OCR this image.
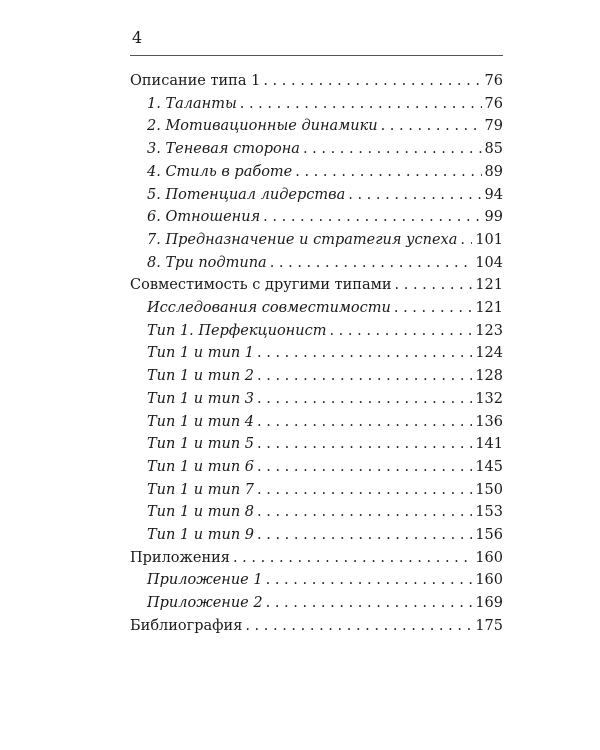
4
Описание типа 1 . . .	76
1. Таланты . . .	76
2. Мотивационные динамики . . .	79
3. Теневая сторона . . .	85
4. Стиль в работе . . .	89
5. Потенциал лидерства . . .	94
6. Отношения . . .	99
7. Предназначение и стратегия успеха . . . 101
8. Три подтипа . . .	104
Совместимость с другими типами . . .	121
Исследования совместимости . . .	121
Тип 1. Перфекционист . . .	123
Тип 1 и тип 1 . . .	124
Тип 1 и тип 2 . . .	128
Тип 1 и тип 3 . . .	132
Тип 1 и тип 4 . . .	136
Тип 1 и тип 5 . . .	141
Тип 1 и тип 6 . . .	145
Тип 1 и тип 7 . . .	150
Тип 1 и тип 8 . . .	153
Тип 1 и тип 9 . . .	156
Приложения . . .	160
Приложение 1 . . .	160
Приложение 2 . . .	169
Библиография . . .	175
